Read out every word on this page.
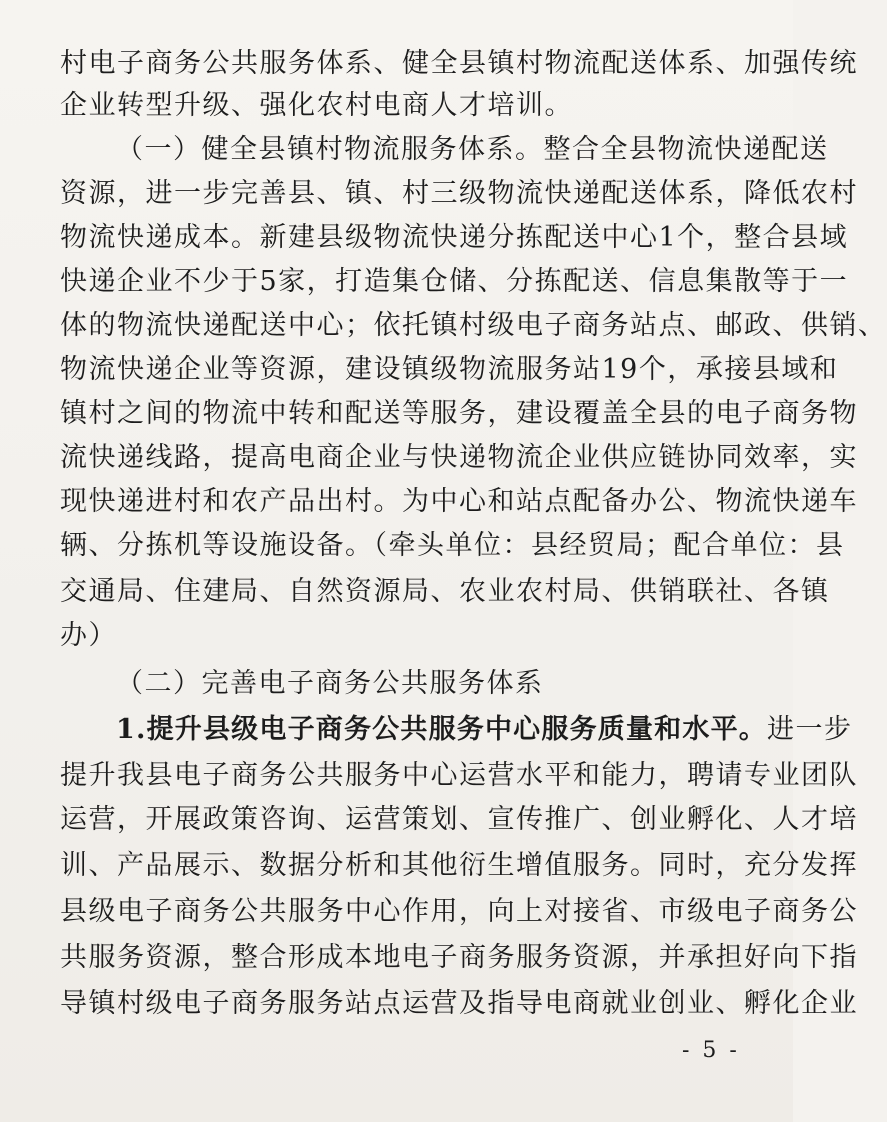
村电子商务公共服务体系、健全县镇村物流配送体系、加强传统
企业转型升级、强化农村电商人才培训。
（一）健全县镇村物流服务体系。整合全县物流快递配送
资源，进一步完善县、镇、村三级物流快递配送体系，降低农村
物流快递成本。新建县级物流快递分拣配送中心1个，整合县域
快递企业不少于5家，打造集仓储、分拣配送、信息集散等于一
体的物流快递配送中心；依托镇村级电子商务站点、邮政、供销、
物流快递企业等资源，建设镇级物流服务站19个，承接县域和
镇村之间的物流中转和配送等服务，建设覆盖全县的电子商务物
流快递线路，提高电商企业与快递物流企业供应链协同效率，实
现快递进村和农产品出村。为中心和站点配备办公、物流快递车
辆、分拣机等设施设备。（牵头单位：县经贸局；配合单位：县
交通局、住建局、自然资源局、农业农村局、供销联社、各镇
办）
（二）完善电子商务公共服务体系
1.提升县级电子商务公共服务中心服务质量和水平。进一步
提升我县电子商务公共服务中心运营水平和能力，聘请专业团队
运营，开展政策咨询、运营策划、宣传推广、创业孵化、人才培
训、产品展示、数据分析和其他衍生增值服务。同时，充分发挥
县级电子商务公共服务中心作用，向上对接省、市级电子商务公
共服务资源，整合形成本地电子商务服务资源，并承担好向下指
导镇村级电子商务服务站点运营及指导电商就业创业、孵化企业
- 5 -
